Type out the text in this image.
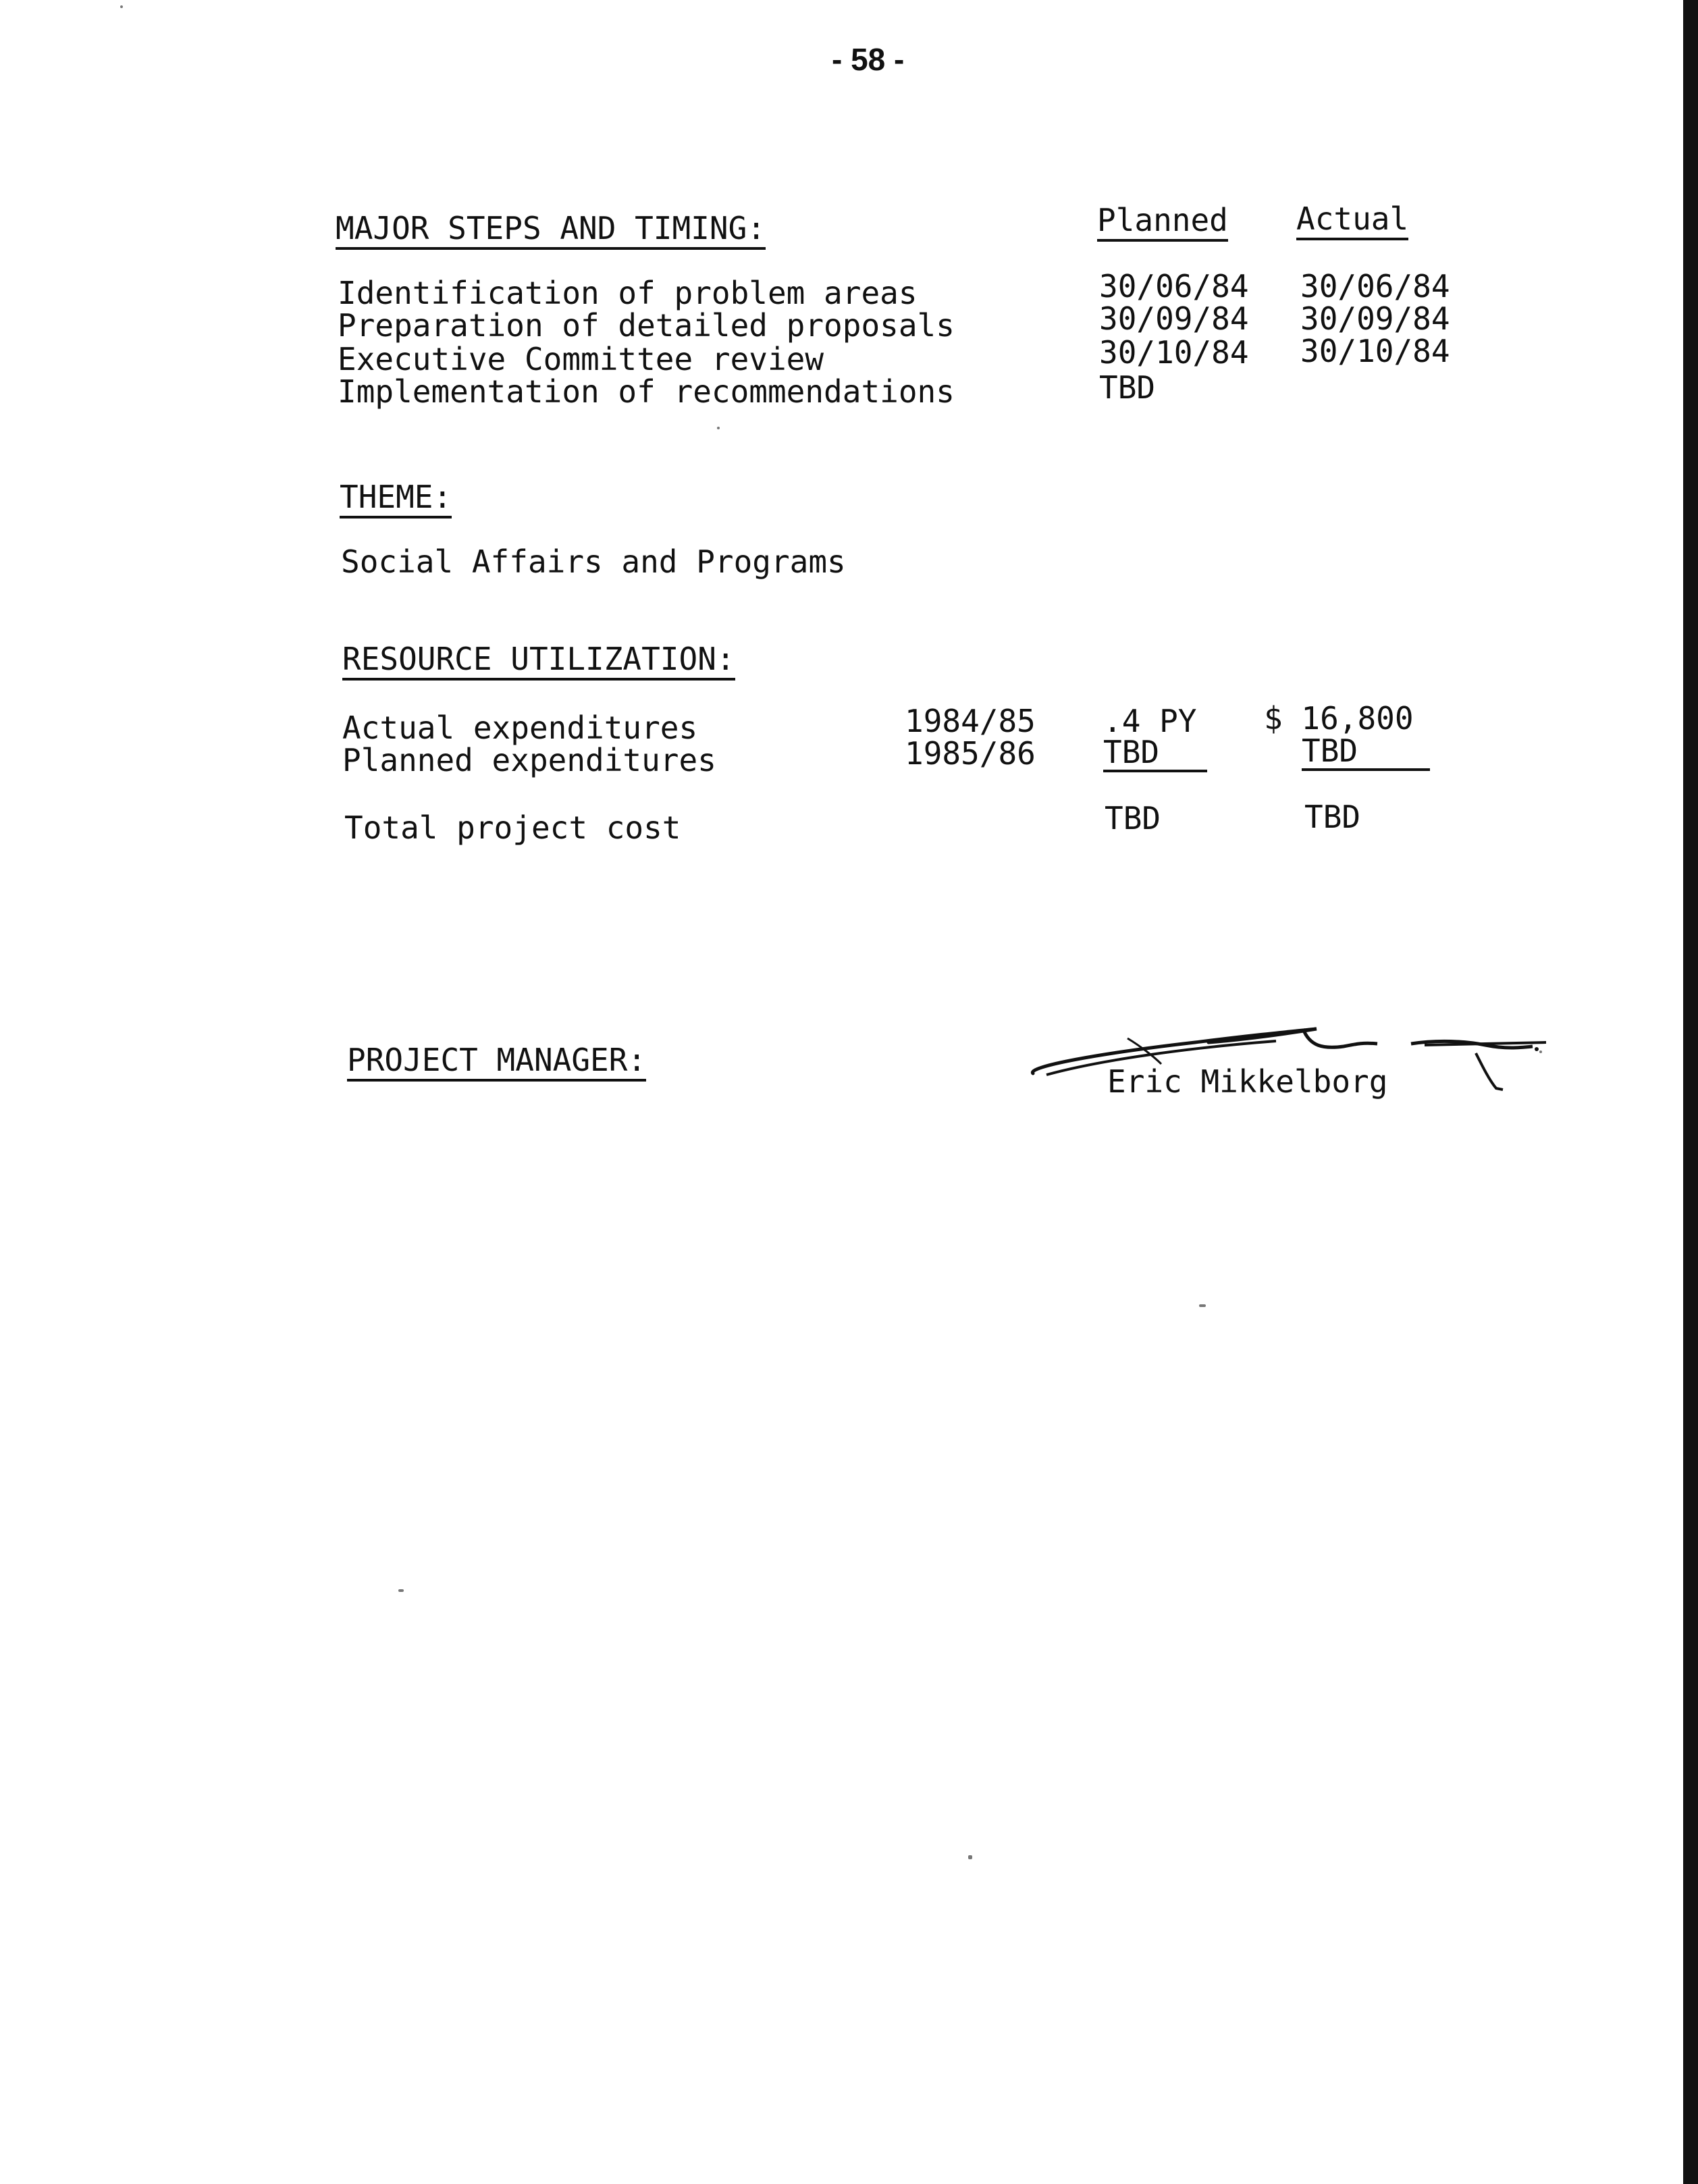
- 58 -
MAJOR STEPS AND TIMING:	Planned Actual
Identification of problem areas	30/06/84 30/06/84
Preparation of detailed proposals	30/09/84 30/09/84
Executive Committee review	30/10/84 30/10/84
Implementation of recommendations	TBD
THEME:
Social Affairs and Programs
RESOURCE UTILIZATION:
Actual expenditures	1984/85 .4 PY $ 16,800
Planned expenditures	1985/86 TBD	TBD
Total project cost	TBD	TBD
PROJECT MANAGER:
Eric Mikkelborg
